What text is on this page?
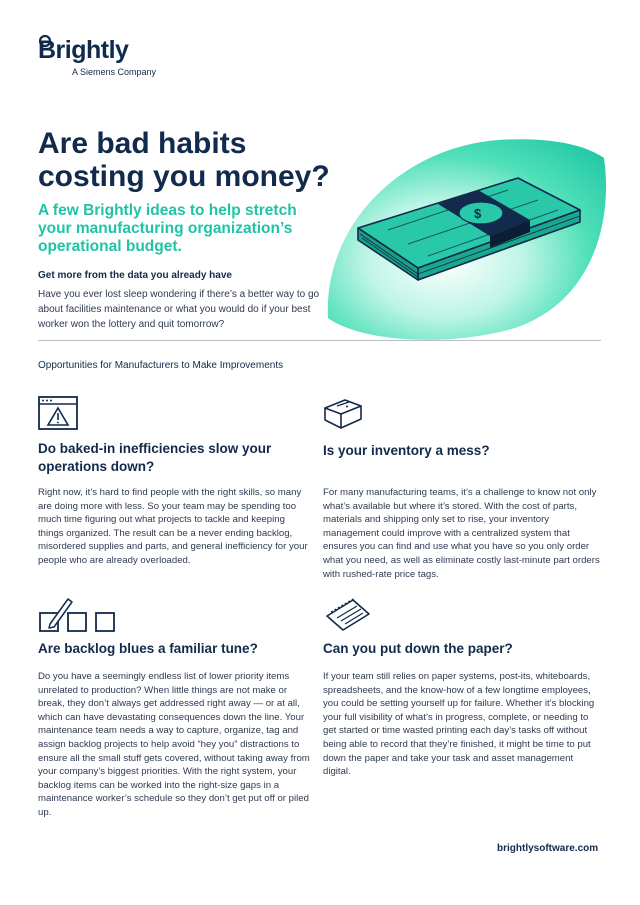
Brightly
A Siemens Company
Are bad habits costing you money?

A few Brightly ideas to help stretch your manufacturing organization’s operational budget.

$
Get more from the data you already have

Have you ever lost sleep wondering if there’s a better way to go about facilities maintenance or what you would do if your best worker won the lottery and quit tomorrow?

Opportunities for Manufacturers to Make Improvements
Do baked-in inefficiencies slow your operations down?

Right now, it’s hard to find people with the right skills, so many are doing more with less. So your team may be spending too much time figuring out what projects to tackle and keeping things organized. The result can be a never ending backlog, misordered supplies and parts, and general inefficiency for your people who are already overloaded.

Is your inventory a mess?

For many manufacturing teams, it’s a challenge to know not only what’s available but where it’s stored. With the cost of parts, materials and shipping only set to rise, your inventory management could improve with a centralized system that ensures you can find and use what you have so you only order what you need, as well as eliminate costly last-minute part orders with rushed-rate price tags.

Are backlog blues a familiar tune?

Do you have a seemingly endless list of lower priority items unrelated to production? When little things are not make or break, they don’t always get addressed right away — or at all, which can have devastating consequences down the line. Your maintenance team needs a way to capture, organize, tag and assign backlog projects to help avoid “hey you” distractions to ensure all the small stuff gets covered, without taking away from your company’s biggest priorities. With the right system, your backlog items can be worked into the right-size gaps in a maintenance worker’s schedule so they don’t get put off or piled up.

Can you put down the paper?

If your team still relies on paper systems, post-its, whiteboards, spreadsheets, and the know-how of a few longtime employees, you could be setting yourself up for failure. Whether it’s blocking your full visibility of what’s in progress, complete, or needing to get started or time wasted printing each day’s tasks off without being able to record that they’re finished, it might be time to put down the paper and take your task and asset management digital.

brightlysoftware.com
